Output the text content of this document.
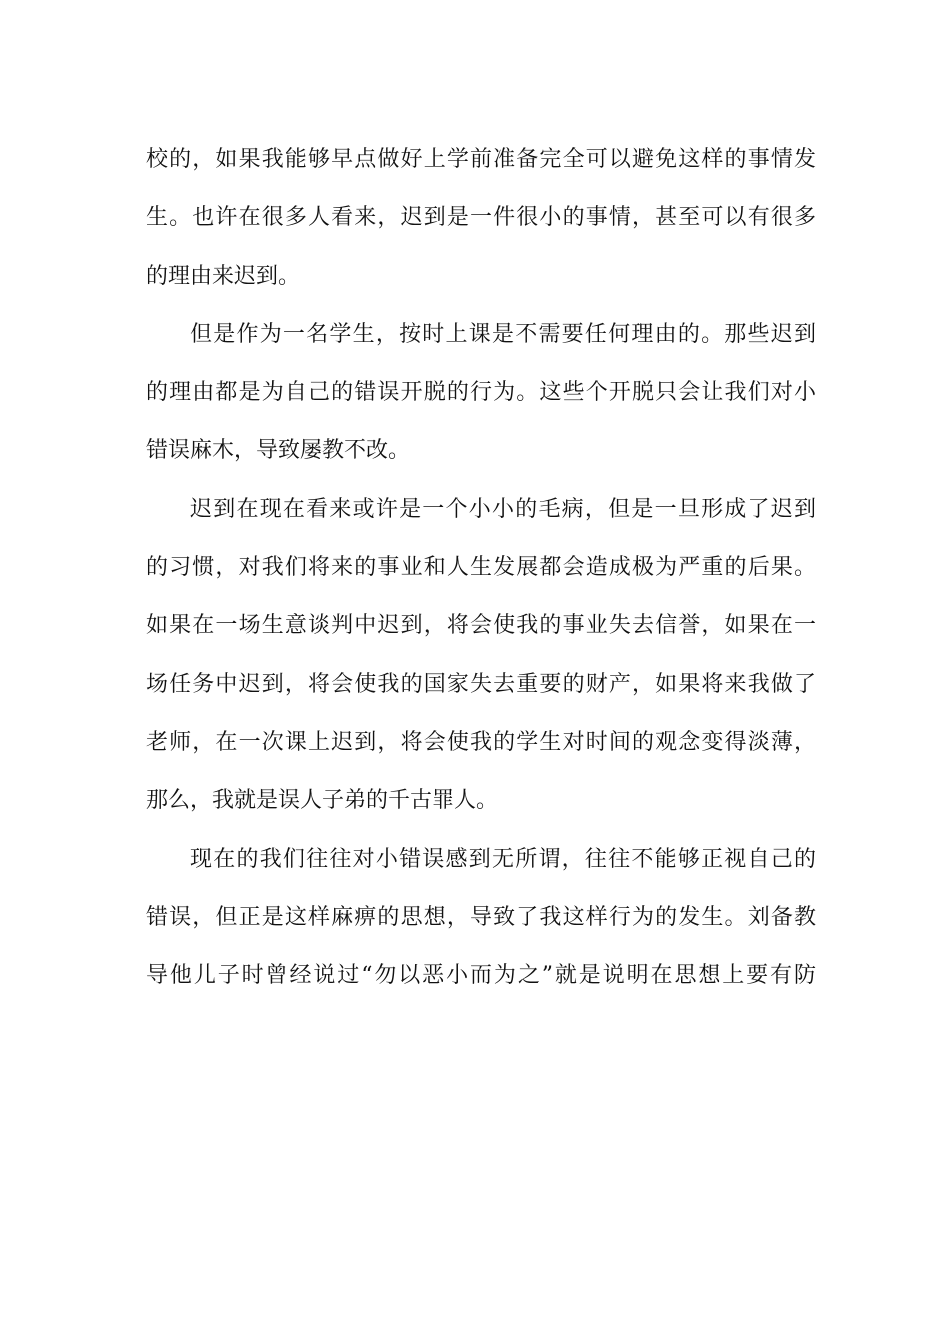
校的，如果我能够早点做好上学前准备完全可以避免这样的事情发
生。也许在很多人看来，迟到是一件很小的事情，甚至可以有很多
的理由来迟到。
但是作为一名学生，按时上课是不需要任何理由的。那些迟到
的理由都是为自己的错误开脱的行为。这些个开脱只会让我们对小
错误麻木，导致屡教不改。
迟到在现在看来或许是一个小小的毛病，但是一旦形成了迟到
的习惯，对我们将来的事业和人生发展都会造成极为严重的后果。
如果在一场生意谈判中迟到，将会使我的事业失去信誉，如果在一
场任务中迟到，将会使我的国家失去重要的财产，如果将来我做了
老师，在一次课上迟到，将会使我的学生对时间的观念变得淡薄，
那么，我就是误人子弟的千古罪人。
现在的我们往往对小错误感到无所谓，往往不能够正视自己的
错误，但正是这样麻痹的思想，导致了我这样行为的发生。刘备教
导他儿子时曾经说过“勿以恶小而为之”就是说明在思想上要有防
